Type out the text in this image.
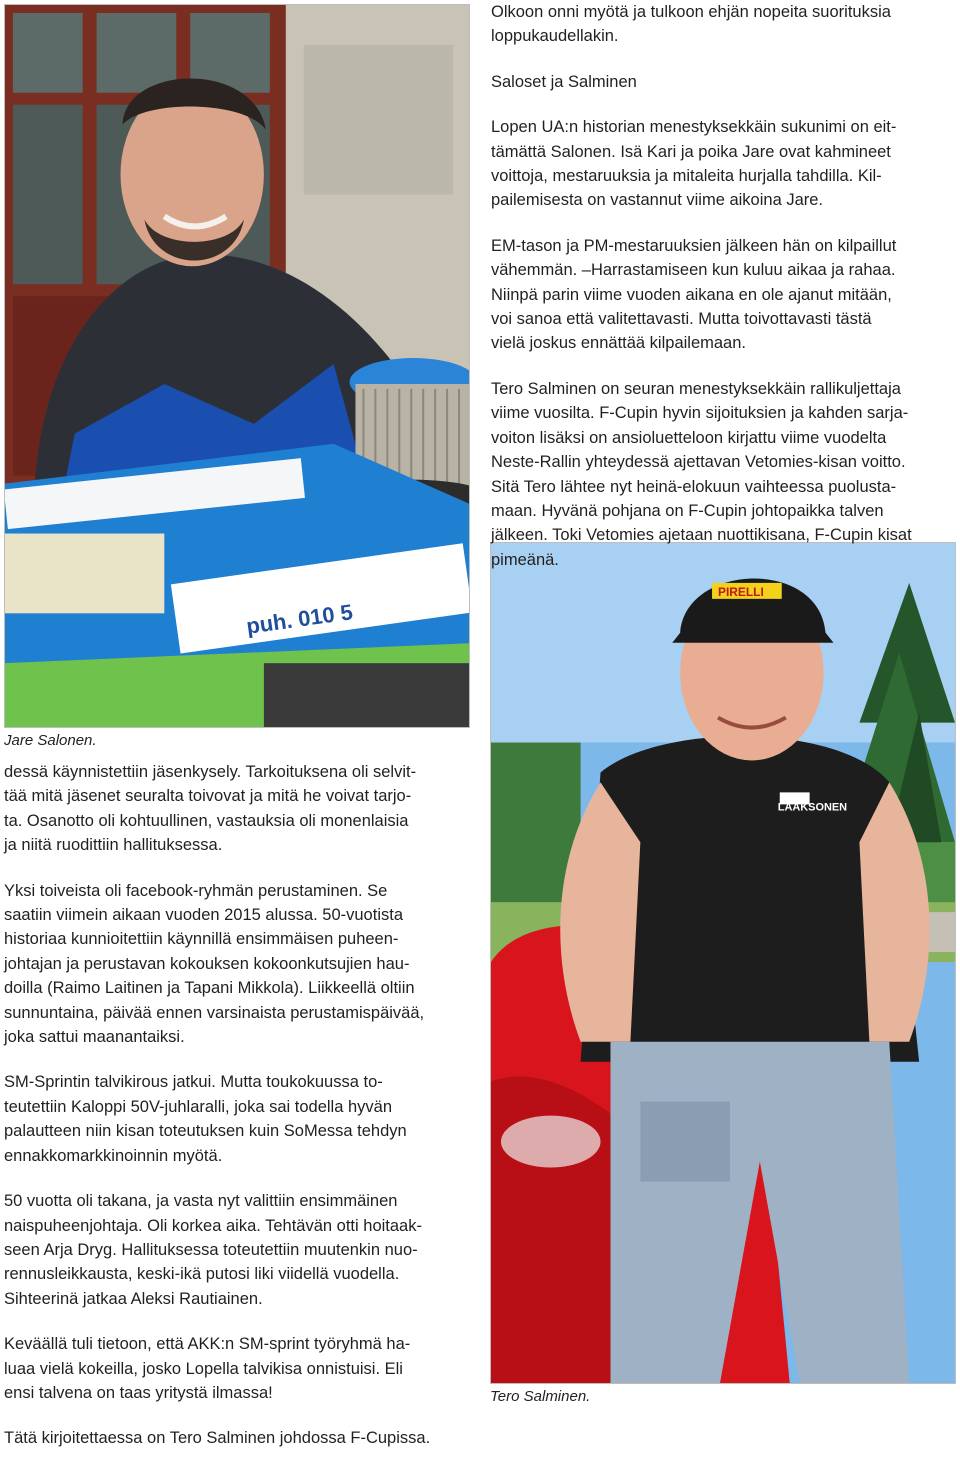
puh. 010 5
Jare Salonen.
LAAKSONEN
PIRELLI
Tero Salminen.

Olkoon onni myötä ja tulkoon ehjän nopeita suorituksia
loppukaudellakin.

Saloset ja Salminen

Lopen UA:n historian menestyksekkäin sukunimi on eit-
tämättä Salonen. Isä Kari ja poika Jare ovat kahmineet
voittoja, mestaruuksia ja mitaleita hurjalla tahdilla. Kil-
pailemisesta on vastannut viime aikoina Jare.

EM-tason ja PM-mestaruuksien jälkeen hän on kilpaillut
vähemmän. –Harrastamiseen kun kuluu aikaa ja rahaa.
Niinpä parin viime vuoden aikana en ole ajanut mitään,
voi sanoa että valitettavasti. Mutta toivottavasti tästä
vielä joskus ennättää kilpailemaan.

Tero Salminen on seuran menestyksekkäin rallikuljettaja
viime vuosilta. F-Cupin hyvin sijoituksien ja kahden sarja-
voiton lisäksi on ansioluetteloon kirjattu viime vuodelta
Neste-Rallin yhteydessä ajettavan Vetomies-kisan voitto.
Sitä Tero lähtee nyt heinä-elokuun vaihteessa puolusta-
maan. Hyvänä pohjana on F-Cupin johtopaikka talven
jälkeen. Toki Vetomies ajetaan nuottikisana, F-Cupin kisat
pimeänä.

dessä käynnistettiin jäsenkysely. Tarkoituksena oli selvit-
tää mitä jäsenet seuralta toivovat ja mitä he voivat tarjo-
ta. Osanotto oli kohtuullinen, vastauksia oli monenlaisia
ja niitä ruodittiin hallituksessa.

Yksi toiveista oli facebook-ryhmän perustaminen. Se
saatiin viimein aikaan vuoden 2015 alussa. 50-vuotista
historiaa kunnioitettiin käynnillä ensimmäisen puheen-
johtajan ja perustavan kokouksen kokoonkutsujien hau-
doilla (Raimo Laitinen ja Tapani Mikkola). Liikkeellä oltiin
sunnuntaina, päivää ennen varsinaista perustamispäivää,
joka sattui maanantaiksi.

SM-Sprintin talvikirous jatkui. Mutta toukokuussa to-
teutettiin Kaloppi 50V-juhlaralli, joka sai todella hyvän
palautteen niin kisan toteutuksen kuin SoMessa tehdyn
ennakkomarkkinoinnin myötä.

50 vuotta oli takana, ja vasta nyt valittiin ensimmäinen
naispuheenjohtaja. Oli korkea aika. Tehtävän otti hoitaak-
seen Arja Dryg. Hallituksessa toteutettiin muutenkin nuo-
rennusleikkausta, keski-ikä putosi liki viidellä vuodella.
Sihteerinä jatkaa Aleksi Rautiainen.

Keväällä tuli tietoon, että AKK:n SM-sprint työryhmä ha-
luaa vielä kokeilla, josko Lopella talvikisa onnistuisi. Eli
ensi talvena on taas yritystä ilmassa!

Tätä kirjoitettaessa on Tero Salminen johdossa F-Cupissa.
